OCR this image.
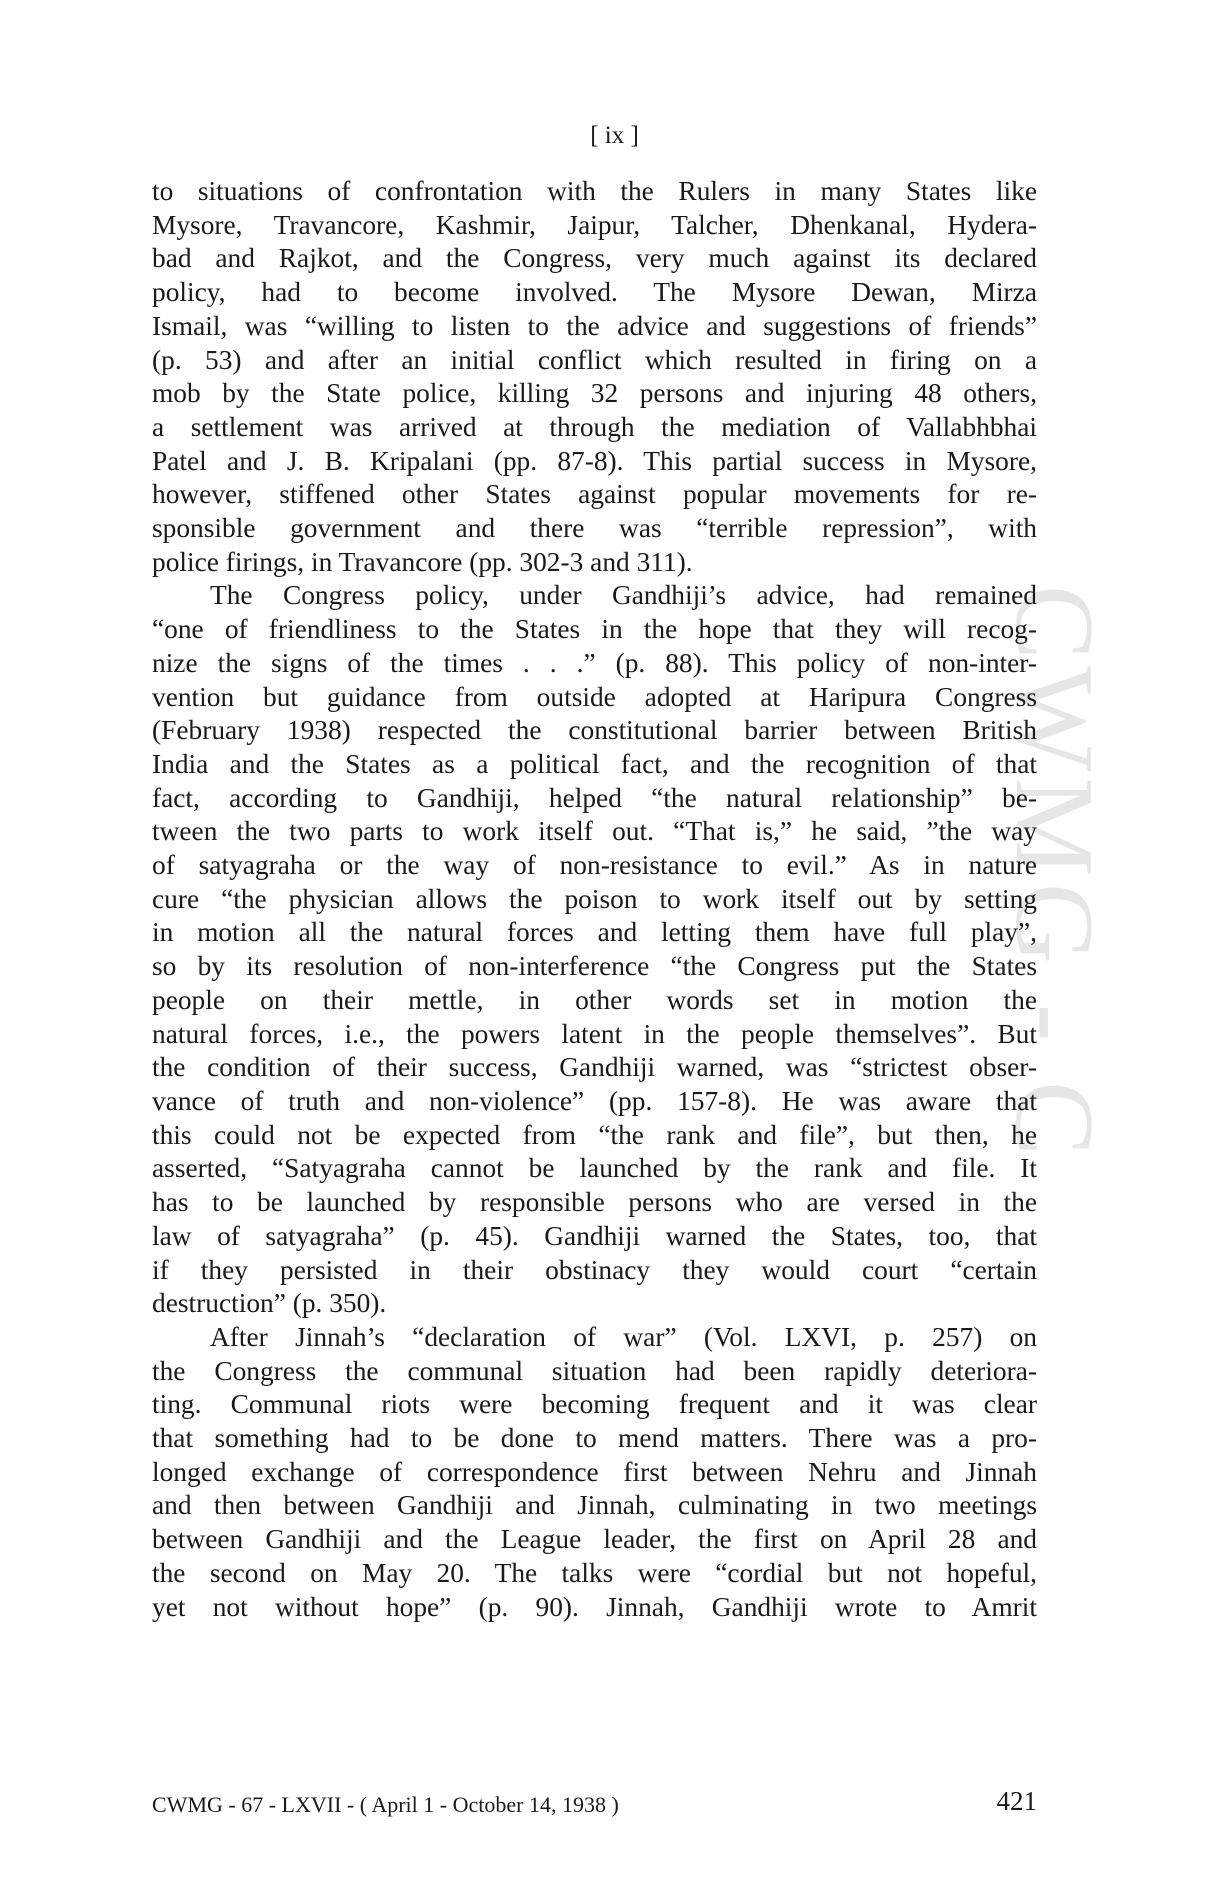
CWMG - C
[ ix ]

to situations of confrontation with the Rulers in many States like
Mysore, Travancore, Kashmir, Jaipur, Talcher, Dhenkanal, Hydera-
bad and Rajkot, and the Congress, very much against its declared
policy, had to become involved. The Mysore Dewan, Mirza
Ismail, was “willing to listen to the advice and suggestions of friends”
(p. 53) and after an initial conflict which resulted in firing on a
mob by the State police, killing 32 persons and injuring 48 others,
a settlement was arrived at through the mediation of Vallabhbhai
Patel and J. B. Kripalani (pp. 87-8). This partial success in Mysore,
however, stiffened other States against popular movements for re-
sponsible government and there was “terrible repression”, with
police firings, in Travancore (pp. 302-3 and 311).

The Congress policy, under Gandhiji’s advice, had remained
“one of friendliness to the States in the hope that they will recog-
nize the signs of the times . . .” (p. 88). This policy of non-inter-
vention but guidance from outside adopted at Haripura Congress
(February 1938) respected the constitutional barrier between British
India and the States as a political fact, and the recognition of that
fact, according to Gandhiji, helped “the natural relationship” be-
tween the two parts to work itself out. “That is,” he said, ”the way
of satyagraha or the way of non-resistance to evil.” As in nature
cure “the physician allows the poison to work itself out by setting
in motion all the natural forces and letting them have full play”,
so by its resolution of non-interference “the Congress put the States
people on their mettle, in other words set in motion the
natural forces, i.e., the powers latent in the people themselves”. But
the condition of their success, Gandhiji warned, was “strictest obser-
vance of truth and non-violence” (pp. 157-8). He was aware that
this could not be expected from “the rank and file”, but then, he
asserted, “Satyagraha cannot be launched by the rank and file. It
has to be launched by responsible persons who are versed in the
law of satyagraha” (p. 45). Gandhiji warned the States, too, that
if they persisted in their obstinacy they would court “certain
destruction” (p. 350).

After Jinnah’s “declaration of war” (Vol. LXVI, p. 257) on
the Congress the communal situation had been rapidly deteriora-
ting. Communal riots were becoming frequent and it was clear
that something had to be done to mend matters. There was a pro-
longed exchange of correspondence first between Nehru and Jinnah
and then between Gandhiji and Jinnah, culminating in two meetings
between Gandhiji and the League leader, the first on April 28 and
the second on May 20. The talks were “cordial but not hopeful,
yet not without hope” (p. 90). Jinnah, Gandhiji wrote to Amrit

CWMG - 67 - LXVII - ( April 1 - October 14, 1938 )	421
